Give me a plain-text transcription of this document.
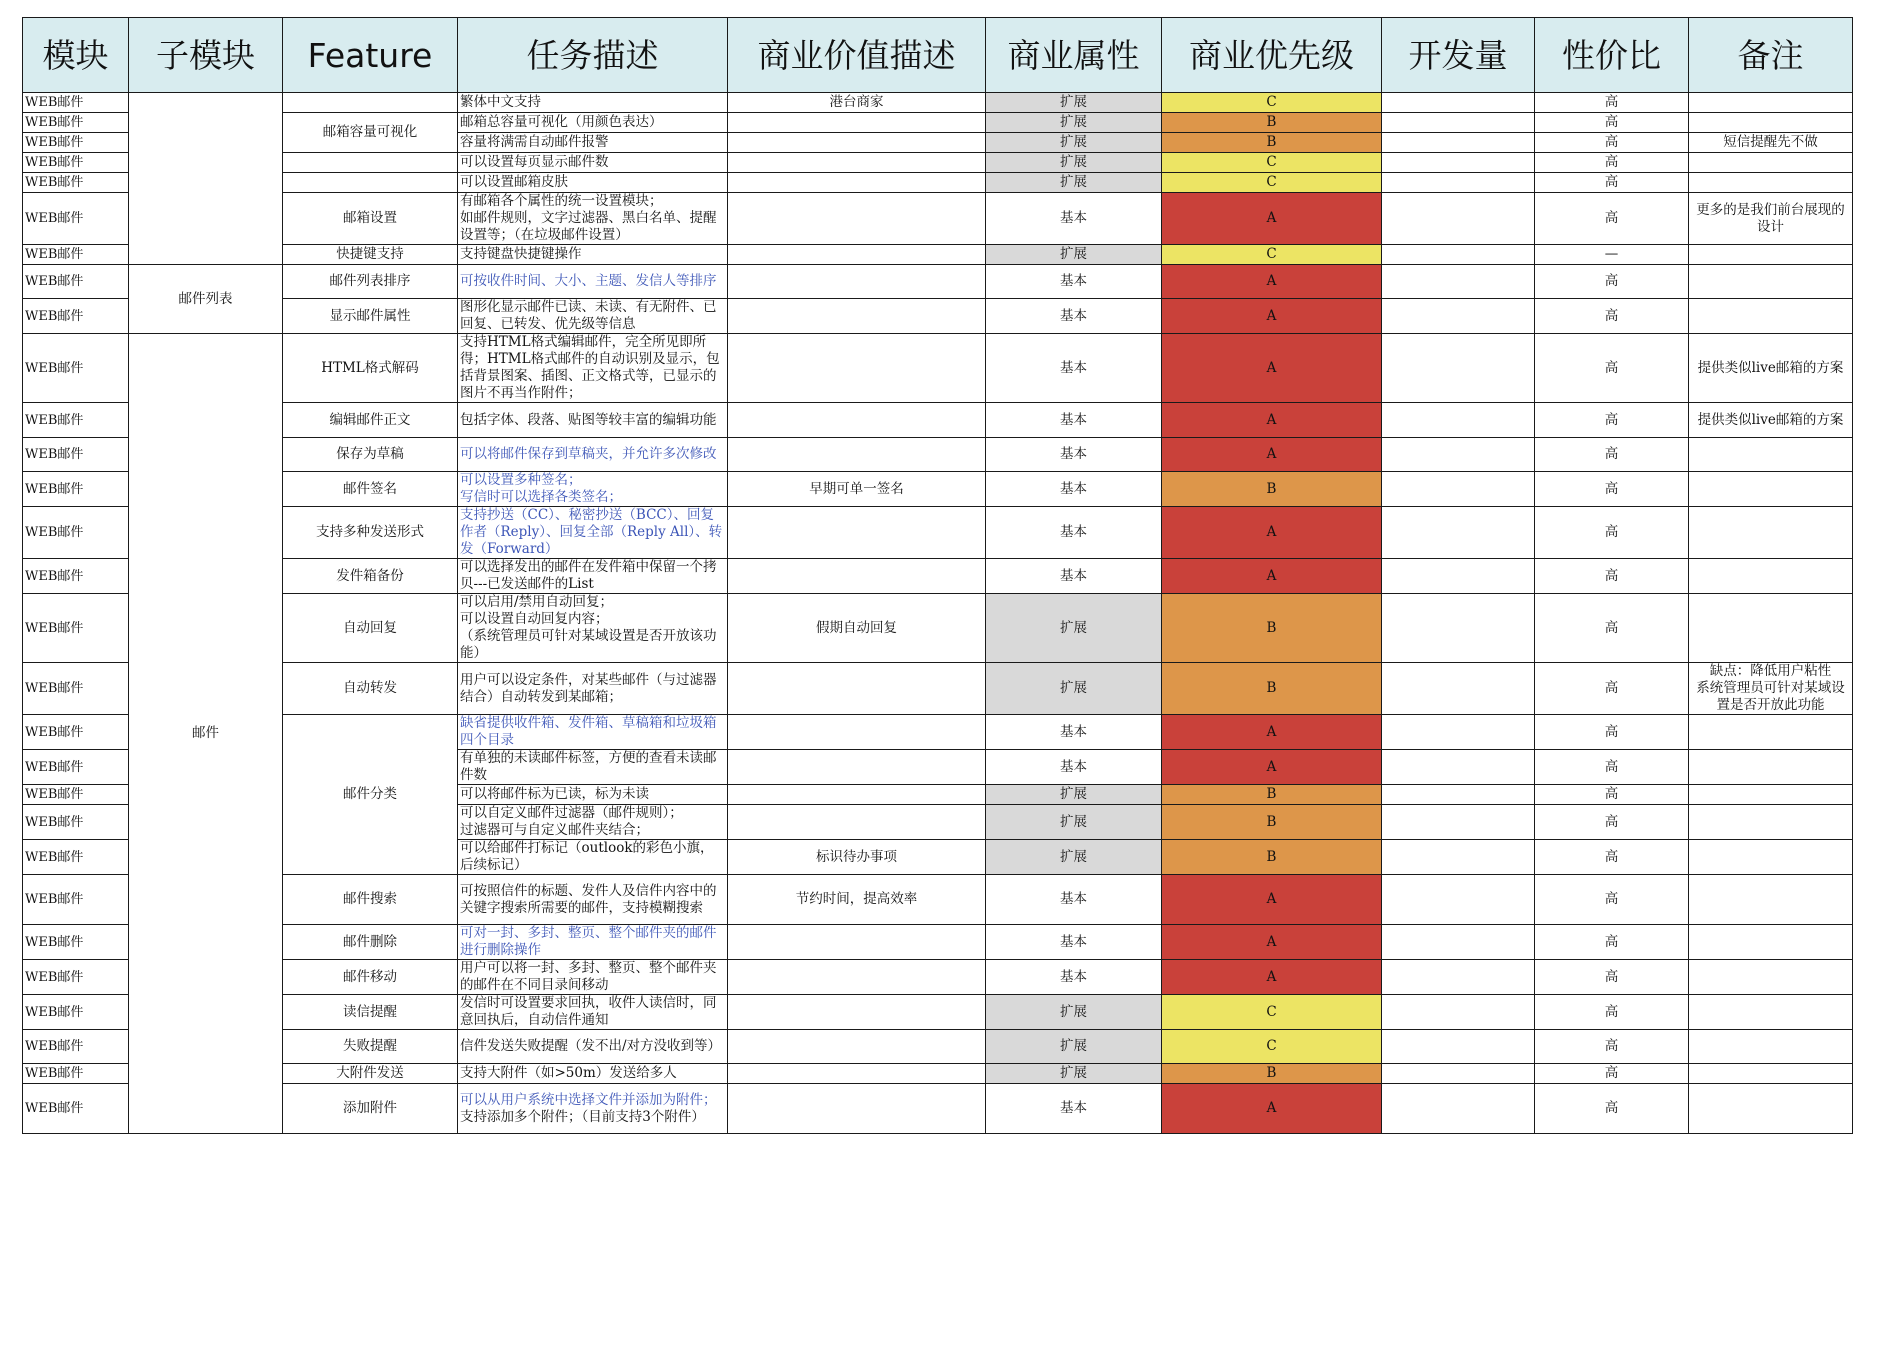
模块	子模块	Feature	任务描述	商业价值描述	商业属性	商业优先级	开发量	性价比	备注
WEB邮件			繁体中文支持	港台商家	扩展	C		高	
WEB邮件		邮箱容量可视化	邮箱总容量可视化（用颜色表达）		扩展	B		高	
WEB邮件			容量将满需自动邮件报警		扩展	B		高	短信提醒先不做
WEB邮件			可以设置每页显示邮件数		扩展	C		高	
WEB邮件			可以设置邮箱皮肤		扩展	C		高	
WEB邮件		邮箱设置	有邮箱各个属性的统一设置模块；
如邮件规则，文字过滤器、黑白名单、提醒设置等；（在垃圾邮件设置）		基本	A		高	更多的是我们前台展现的设计
WEB邮件		快捷键支持	支持键盘快捷键操作		扩展	C		—	
WEB邮件	邮件列表	邮件列表排序	可按收件时间、大小、主题、发信人等排序		基本	A		高	
WEB邮件		显示邮件属性	图形化显示邮件已读、未读、有无附件、已回复、已转发、优先级等信息		基本	A		高	
WEB邮件	邮件	HTML格式解码	支持HTML格式编辑邮件，完全所见即所得；HTML格式邮件的自动识别及显示，包括背景图案、插图、正文格式等，已显示的图片不再当作附件；		基本	A		高	提供类似live邮箱的方案
WEB邮件		编辑邮件正文	包括字体、段落、贴图等较丰富的编辑功能		基本	A		高	提供类似live邮箱的方案
WEB邮件		保存为草稿	可以将邮件保存到草稿夹，并允许多次修改		基本	A		高	
WEB邮件		邮件签名	可以设置多种签名；
写信时可以选择各类签名；	早期可单一签名	基本	B		高	
WEB邮件		支持多种发送形式	支持抄送（CC）、秘密抄送（BCC）、回复作者（Reply）、回复全部（Reply All）、转发（Forward）		基本	A		高	
WEB邮件		发件箱备份	可以选择发出的邮件在发件箱中保留一个拷贝---已发送邮件的List		基本	A		高	
WEB邮件		自动回复	可以启用/禁用自动回复；
可以设置自动回复内容；
（系统管理员可针对某域设置是否开放该功能）	假期自动回复	扩展	B		高	
WEB邮件		自动转发	用户可以设定条件，对某些邮件（与过滤器结合）自动转发到某邮箱；		扩展	B		高	缺点：降低用户粘性
系统管理员可针对某域设置是否开放此功能
WEB邮件		邮件分类	缺省提供收件箱、发件箱、草稿箱和垃圾箱四个目录		基本	A		高	
WEB邮件			有单独的未读邮件标签，方便的查看未读邮件数		基本	A		高	
WEB邮件			可以将邮件标为已读，标为未读		扩展	B		高	
WEB邮件			可以自定义邮件过滤器（邮件规则）；
过滤器可与自定义邮件夹结合；		扩展	B		高	
WEB邮件			可以给邮件打标记（outlook的彩色小旗，后续标记）	标识待办事项	扩展	B		高	
WEB邮件		邮件搜索	可按照信件的标题、发件人及信件内容中的关键字搜索所需要的邮件，支持模糊搜索	节约时间，提高效率	基本	A		高	
WEB邮件		邮件删除	可对一封、多封、整页、整个邮件夹的邮件进行删除操作		基本	A		高	
WEB邮件		邮件移动	用户可以将一封、多封、整页、整个邮件夹的邮件在不同目录间移动		基本	A		高	
WEB邮件		读信提醒	发信时可设置要求回执，收件人读信时，同意回执后，自动信件通知		扩展	C		高	
WEB邮件		失败提醒	信件发送失败提醒（发不出/对方没收到等）		扩展	C		高	
WEB邮件		大附件发送	支持大附件（如>50m）发送给多人		扩展	B		高	
WEB邮件		添加附件	可以从用户系统中选择文件并添加为附件；支持添加多个附件；（目前支持3个附件）		基本	A		高	
